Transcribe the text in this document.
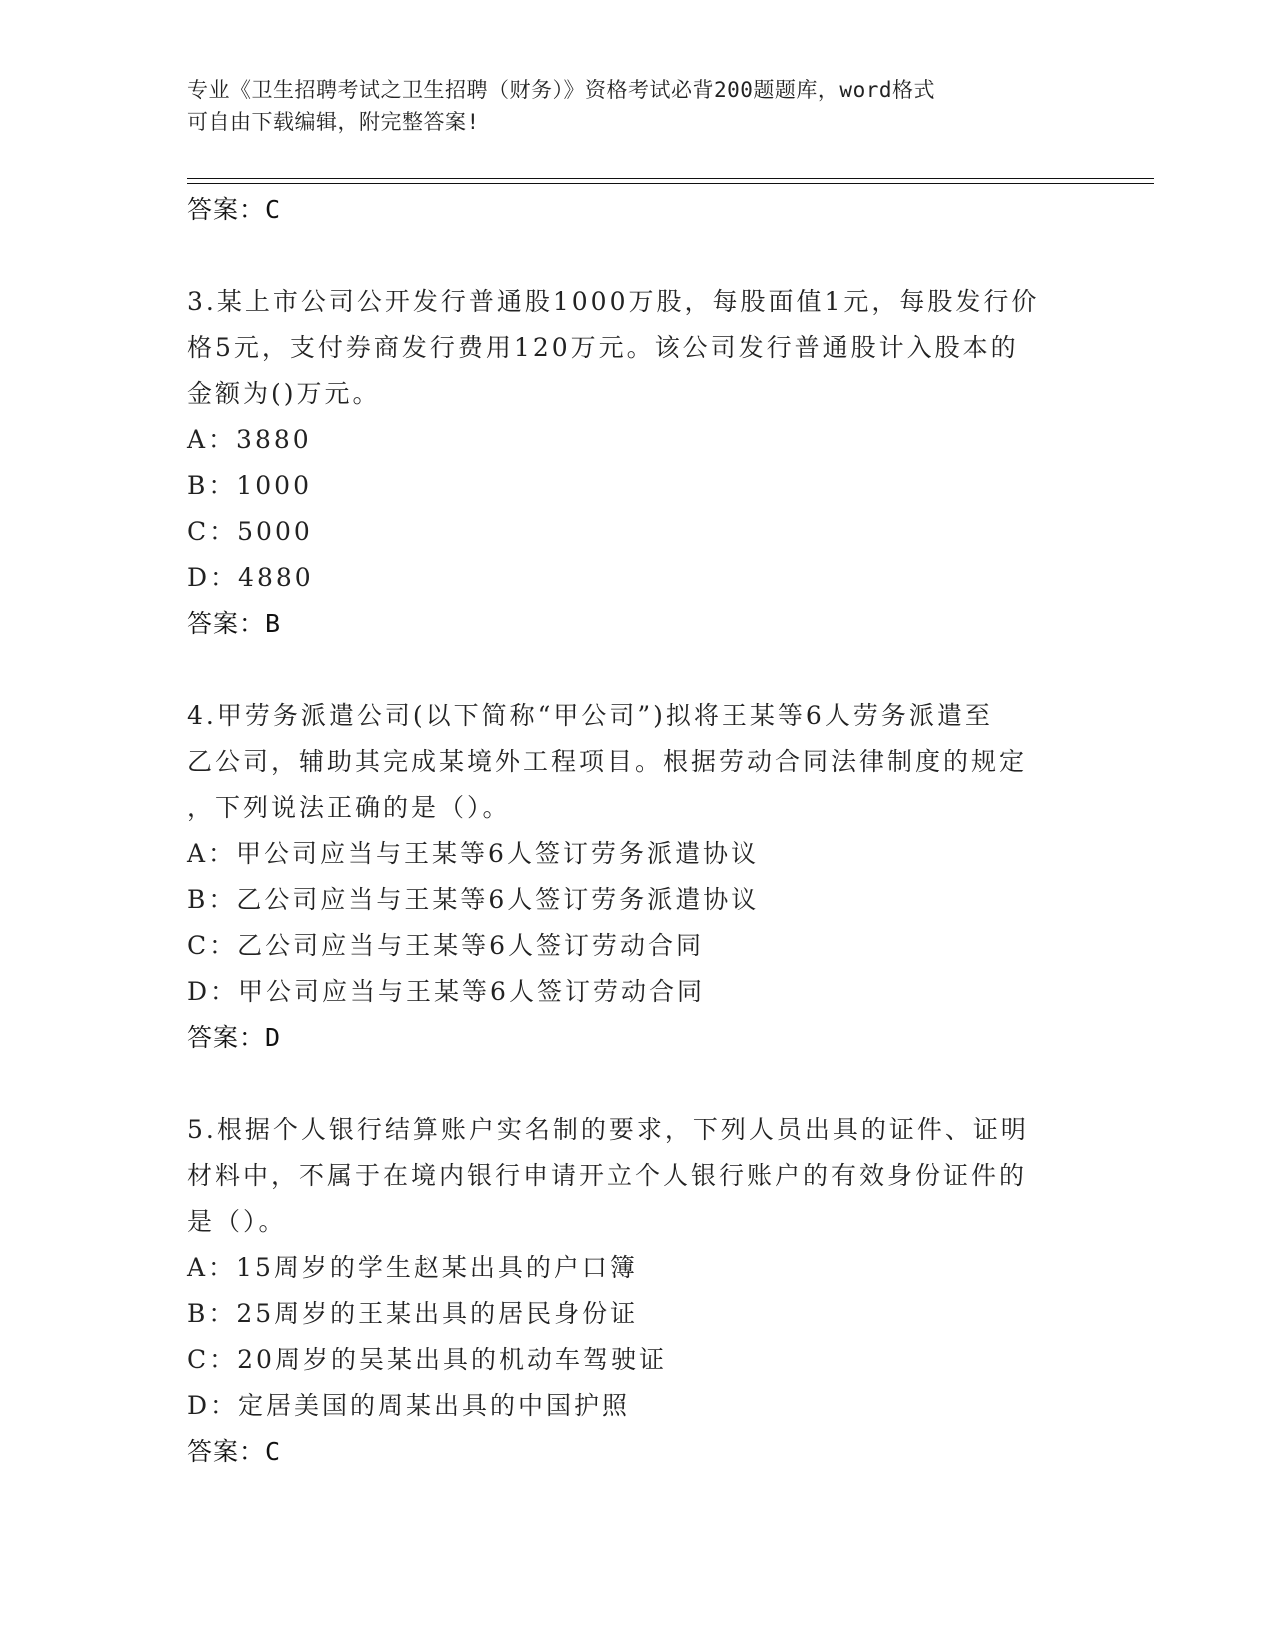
专业《卫生招聘考试之卫生招聘（财务）》资格考试必背200题题库，word格式
可自由下载编辑，附完整答案!
答案：C
3.某上市公司公开发行普通股1000万股，每股面值1元，每股发行价
格5元，支付券商发行费用120万元。该公司发行普通股计入股本的
金额为()万元。
A：3880
B：1000
C：5000
D：4880
答案：B
4.甲劳务派遣公司(以下简称“甲公司”)拟将王某等6人劳务派遣至
乙公司，辅助其完成某境外工程项目。根据劳动合同法律制度的规定
，下列说法正确的是（）。
A：甲公司应当与王某等6人签订劳务派遣协议
B：乙公司应当与王某等6人签订劳务派遣协议
C：乙公司应当与王某等6人签订劳动合同
D：甲公司应当与王某等6人签订劳动合同
答案：D
5.根据个人银行结算账户实名制的要求，下列人员出具的证件、证明
材料中，不属于在境内银行申请开立个人银行账户的有效身份证件的
是（）。
A：15周岁的学生赵某出具的户口簿
B：25周岁的王某出具的居民身份证
C：20周岁的吴某出具的机动车驾驶证
D：定居美国的周某出具的中国护照
答案：C
